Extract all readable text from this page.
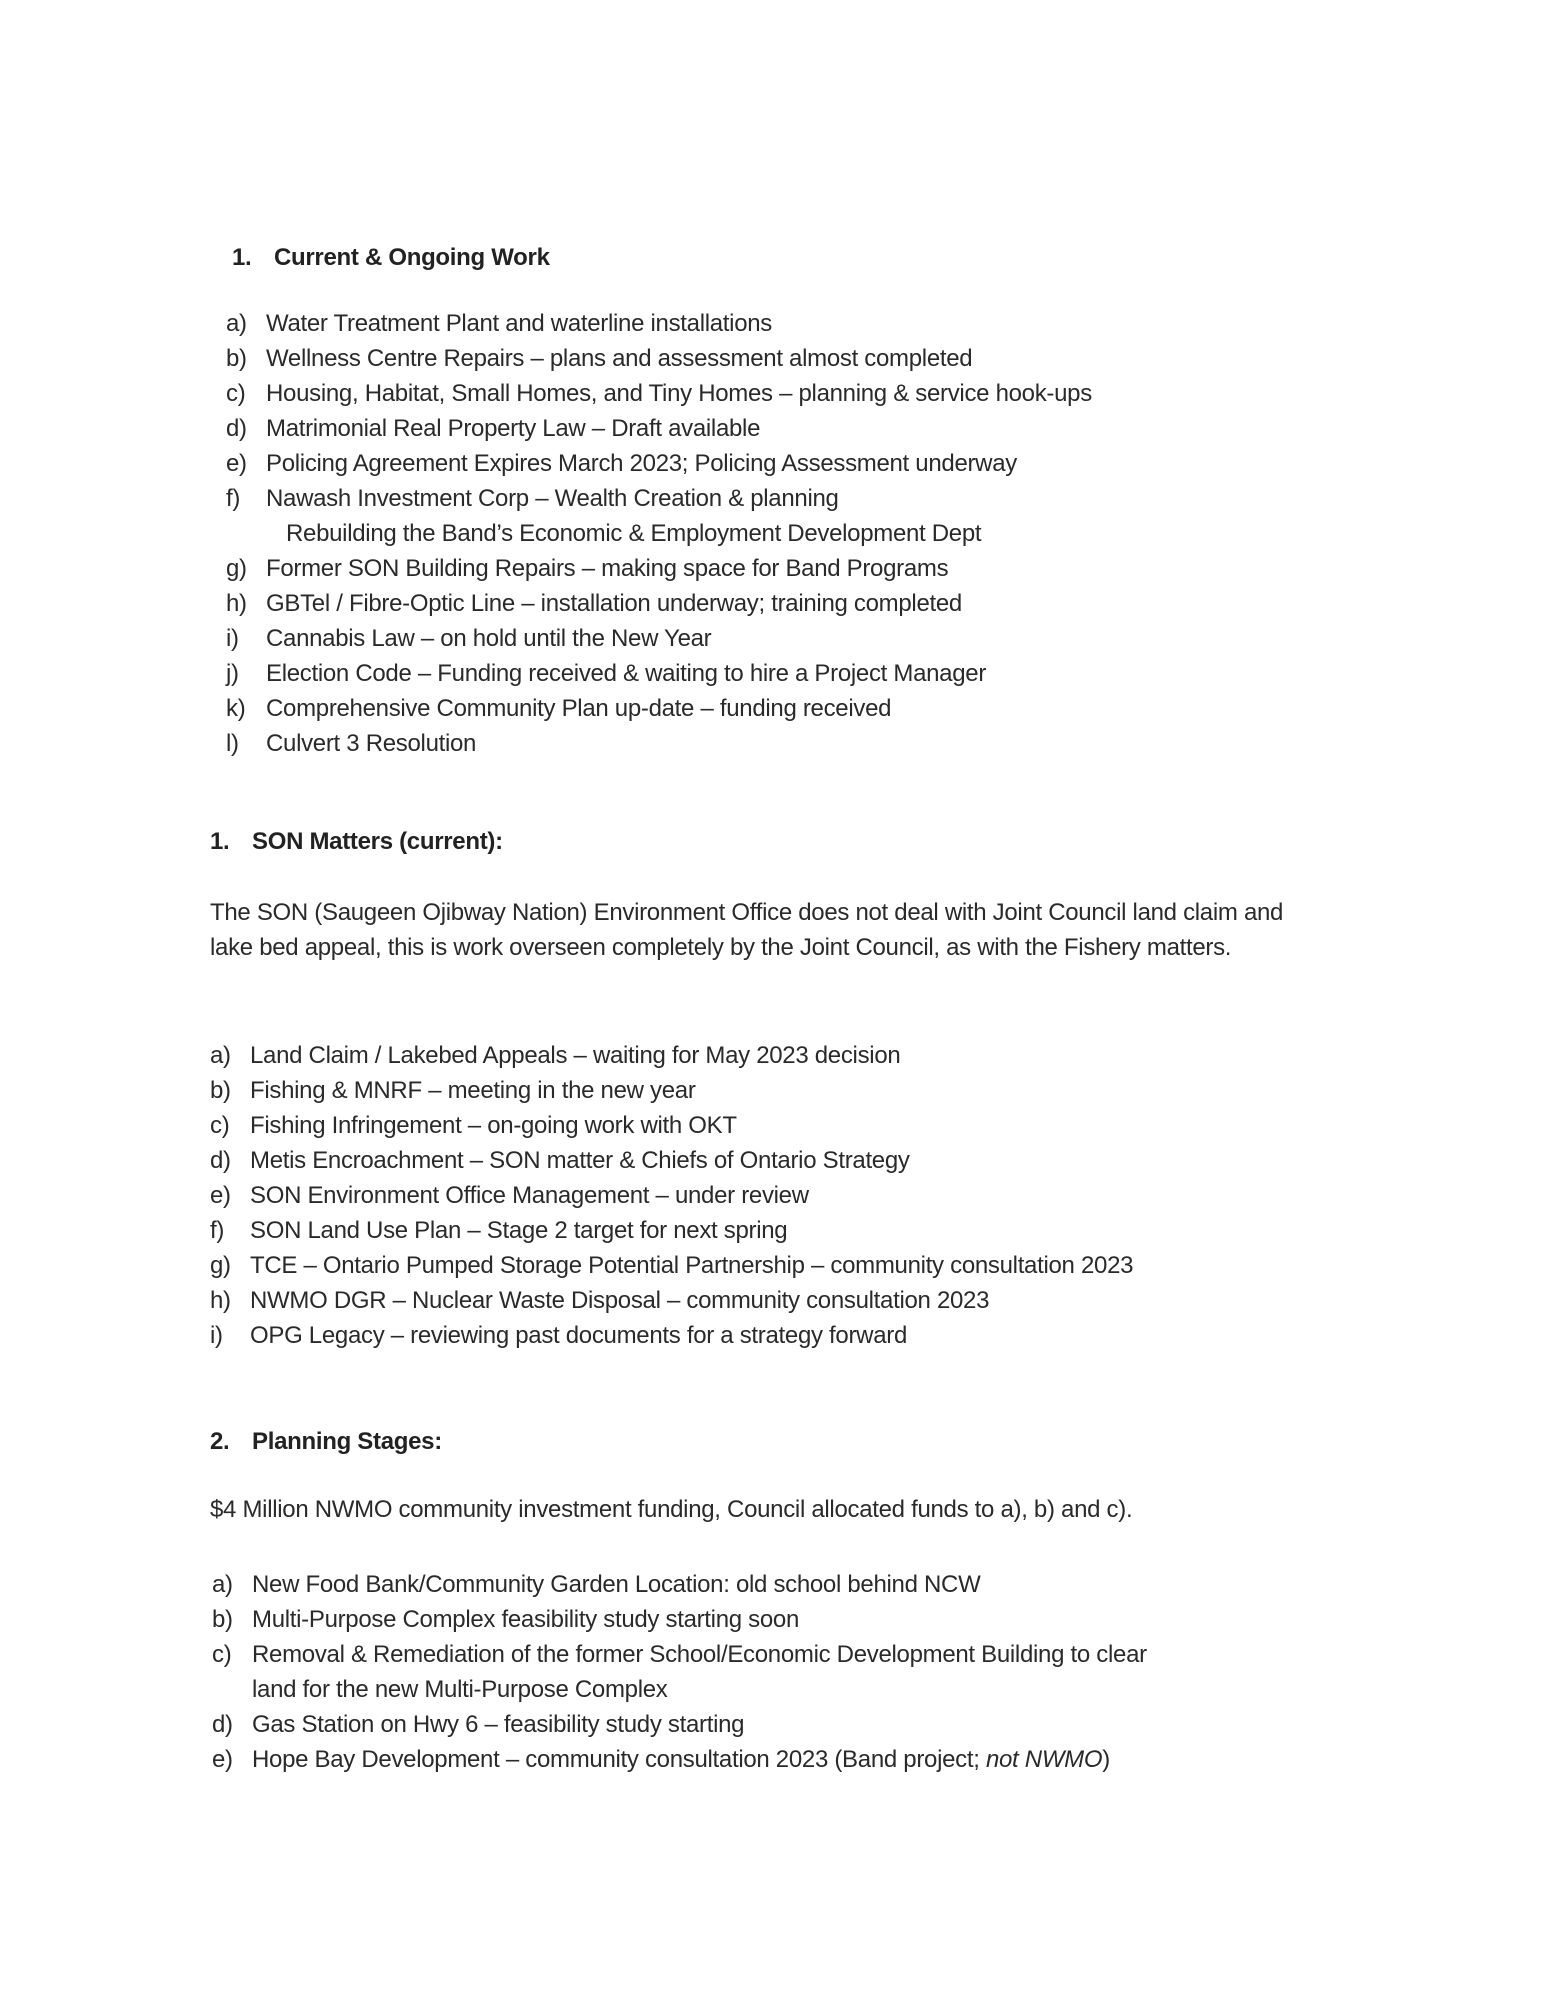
1. Current & Ongoing Work
a) Water Treatment Plant and waterline installations
b) Wellness Centre Repairs – plans and assessment almost completed
c) Housing, Habitat, Small Homes, and Tiny Homes – planning & service hook-ups
d) Matrimonial Real Property Law – Draft available
e) Policing Agreement Expires March 2023; Policing Assessment underway
f)	Nawash Investment Corp – Wealth Creation & planning
Rebuilding the Band’s Economic & Employment Development Dept
g) Former SON Building Repairs – making space for Band Programs
h) GBTel / Fibre-Optic Line – installation underway; training completed
i)	Cannabis Law – on hold until the New Year
j)	Election Code – Funding received & waiting to hire a Project Manager
k) Comprehensive Community Plan up-date – funding received
l)	Culvert 3 Resolution
1. SON Matters (current):

The SON (Saugeen Ojibway Nation) Environment Office does not deal with Joint Council land claim and lake bed appeal, this is work overseen completely by the Joint Council, as with the Fishery matters.

a) Land Claim / Lakebed Appeals – waiting for May 2023 decision
b) Fishing & MNRF – meeting in the new year
c) Fishing Infringement – on-going work with OKT
d) Metis Encroachment – SON matter & Chiefs of Ontario Strategy
e) SON Environment Office Management – under review
f)	SON Land Use Plan – Stage 2 target for next spring
g) TCE – Ontario Pumped Storage Potential Partnership – community consultation 2023
h) NWMO DGR – Nuclear Waste Disposal – community consultation 2023
i)	OPG Legacy – reviewing past documents for a strategy forward
2. Planning Stages:

$4 Million NWMO community investment funding, Council allocated funds to a), b) and c).

a) New Food Bank/Community Garden Location: old school behind NCW
b) Multi-Purpose Complex feasibility study starting soon
c) Removal & Remediation of the former School/Economic Development Building to clear
land for the new Multi-Purpose Complex
d) Gas Station on Hwy 6 – feasibility study starting
e) Hope Bay Development – community consultation 2023 (Band project; not NWMO)
